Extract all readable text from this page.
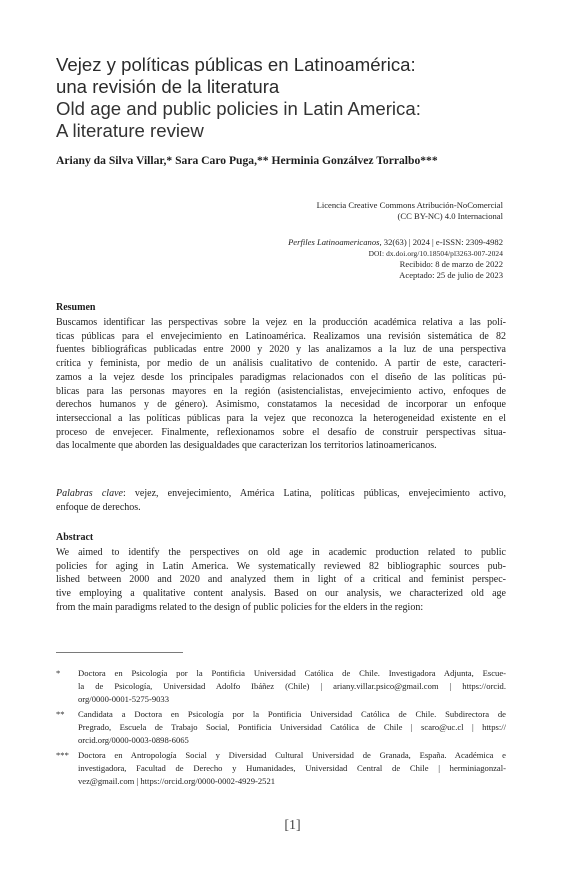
Vejez y políticas públicas en Latinoamérica:
una revisión de la literatura
Old age and public policies in Latin America:
A literature review
Ariany da Silva Villar,* Sara Caro Puga,** Herminia Gonzálvez Torralbo***
Licencia Creative Commons Atribución-NoComercial
(CC BY-NC) 4.0 Internacional
Perfiles Latinoamericanos, 32(63) | 2024 | e-ISSN: 2309-4982
DOI: dx.doi.org/10.18504/pl3263-007-2024
Recibido: 8 de marzo de 2022
Aceptado: 25 de julio de 2023
Resumen
Buscamos identificar las perspectivas sobre la vejez en la producción académica relativa a las polí-
ticas públicas para el envejecimiento en Latinoamérica. Realizamos una revisión sistemática de 82
fuentes bibliográficas publicadas entre 2000 y 2020 y las analizamos a la luz de una perspectiva
crítica y feminista, por medio de un análisis cualitativo de contenido. A partir de este, caracteri-
zamos a la vejez desde los principales paradigmas relacionados con el diseño de las políticas pú-
blicas para las personas mayores en la región (asistencialistas, envejecimiento activo, enfoques de
derechos humanos y de género). Asimismo, constatamos la necesidad de incorporar un enfoque
interseccional a las políticas públicas para la vejez que reconozca la heterogeneidad existente en el
proceso de envejecer. Finalmente, reflexionamos sobre el desafío de construir perspectivas situa-
das localmente que aborden las desigualdades que caracterizan los territorios latinoamericanos.
Palabras clave: vejez, envejecimiento, América Latina, políticas públicas, envejecimiento activo,
enfoque de derechos.
Abstract
We aimed to identify the perspectives on old age in academic production related to public
policies for aging in Latin America. We systematically reviewed 82 bibliographic sources pub-
lished between 2000 and 2020 and analyzed them in light of a critical and feminist perspec-
tive employing a qualitative content analysis. Based on our analysis, we characterized old age
from the main paradigms related to the design of public policies for the elders in the region:
*	Doctora en Psicología por la Pontificia Universidad Católica de Chile. Investigadora Adjunta, Escue-
la de Psicología, Universidad Adolfo Ibáñez (Chile) | ariany.villar.psico@gmail.com | https://orcid.
org/0000-0001-5275-9033
**	Candidata a Doctora en Psicología por la Pontificia Universidad Católica de Chile. Subdirectora de
Pregrado, Escuela de Trabajo Social, Pontificia Universidad Católica de Chile | scaro@uc.cl | https://
orcid.org/0000-0003-0898-6065
***	Doctora en Antropología Social y Diversidad Cultural Universidad de Granada, España. Académica e
investigadora, Facultad de Derecho y Humanidades, Universidad Central de Chile | herminiagonzal-
vez@gmail.com | https://orcid.org/0000-0002-4929-2521
[1]
